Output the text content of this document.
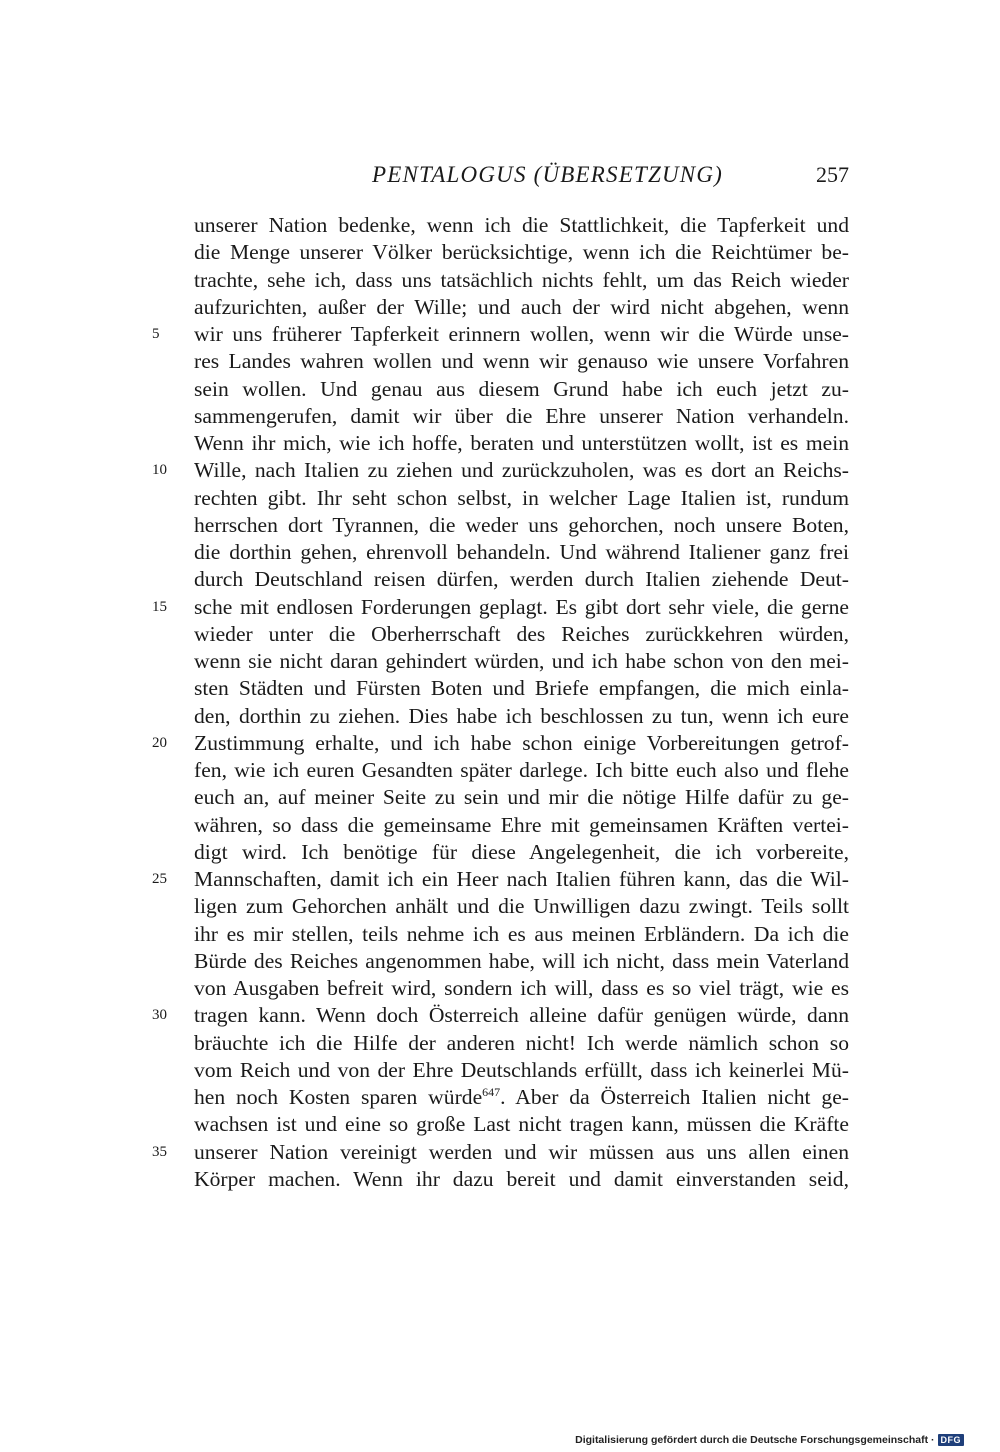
PENTALOGUS (ÜBERSETZUNG)	257
unserer Nation bedenke, wenn ich die Stattlichkeit, die Tapferkeit und
die Menge unserer Völker berücksichtige, wenn ich die Reichtümer be-
trachte, sehe ich, dass uns tatsächlich nichts fehlt, um das Reich wieder
aufzurichten, außer der Wille; und auch der wird nicht abgehen, wenn
5	wir uns früherer Tapferkeit erinnern wollen, wenn wir die Würde unse-
res Landes wahren wollen und wenn wir genauso wie unsere Vorfahren
sein wollen. Und genau aus diesem Grund habe ich euch jetzt zu-
sammengerufen, damit wir über die Ehre unserer Nation verhandeln.
Wenn ihr mich, wie ich hoffe, beraten und unterstützen wollt, ist es mein
10	Wille, nach Italien zu ziehen und zurückzuholen, was es dort an Reichs-
rechten gibt. Ihr seht schon selbst, in welcher Lage Italien ist, rundum
herrschen dort Tyrannen, die weder uns gehorchen, noch unsere Boten,
die dorthin gehen, ehrenvoll behandeln. Und während Italiener ganz frei
durch Deutschland reisen dürfen, werden durch Italien ziehende Deut-
15	sche mit endlosen Forderungen geplagt. Es gibt dort sehr viele, die gerne
wieder unter die Oberherrschaft des Reiches zurückkehren würden,
wenn sie nicht daran gehindert würden, und ich habe schon von den mei-
sten Städten und Fürsten Boten und Briefe empfangen, die mich einla-
den, dorthin zu ziehen. Dies habe ich beschlossen zu tun, wenn ich eure
20	Zustimmung erhalte, und ich habe schon einige Vorbereitungen getrof-
fen, wie ich euren Gesandten später darlege. Ich bitte euch also und flehe
euch an, auf meiner Seite zu sein und mir die nötige Hilfe dafür zu ge-
währen, so dass die gemeinsame Ehre mit gemeinsamen Kräften vertei-
digt wird. Ich benötige für diese Angelegenheit, die ich vorbereite,
25	Mannschaften, damit ich ein Heer nach Italien führen kann, das die Wil-
ligen zum Gehorchen anhält und die Unwilligen dazu zwingt. Teils sollt
ihr es mir stellen, teils nehme ich es aus meinen Erbländern. Da ich die
Bürde des Reiches angenommen habe, will ich nicht, dass mein Vaterland
von Ausgaben befreit wird, sondern ich will, dass es so viel trägt, wie es
30	tragen kann. Wenn doch Österreich alleine dafür genügen würde, dann
bräuchte ich die Hilfe der anderen nicht! Ich werde nämlich schon so
vom Reich und von der Ehre Deutschlands erfüllt, dass ich keinerlei Mü-
hen noch Kosten sparen würde$^{647}$. Aber da Österreich Italien nicht ge-
wachsen ist und eine so große Last nicht tragen kann, müssen die Kräfte
35	unserer Nation vereinigt werden und wir müssen aus uns allen einen
Körper machen. Wenn ihr dazu bereit und damit einverstanden seid,
Digitalisierung gefördert durch die Deutsche Forschungsgemeinschaft · DFG
